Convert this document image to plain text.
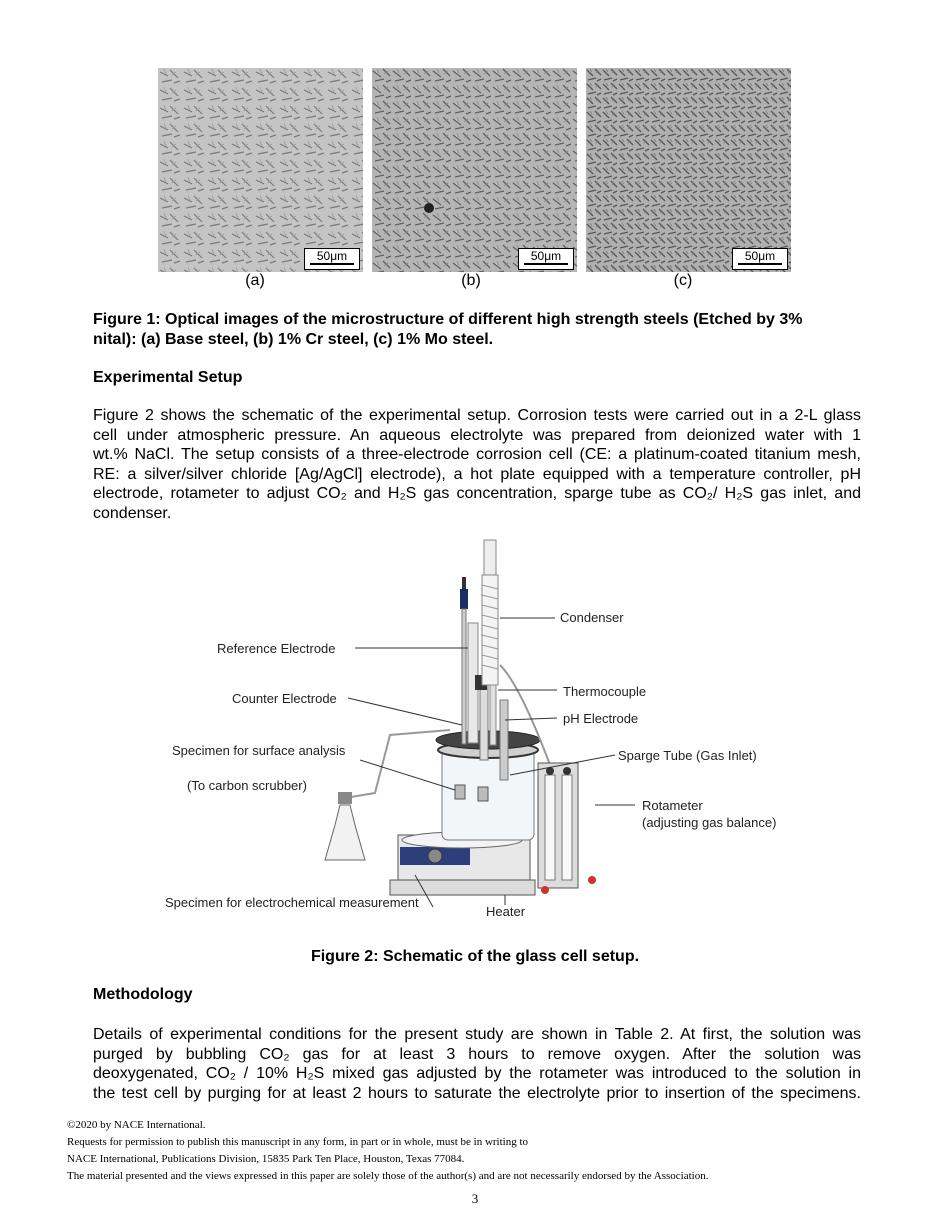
50μm	50μm	50μm
(a)	(b)	(c)
Figure 1: Optical images of the microstructure of different high strength steels (Etched by 3%
nital): (a) Base steel, (b) 1% Cr steel, (c) 1% Mo steel.
Experimental Setup
Figure 2 shows the schematic of the experimental setup. Corrosion tests were carried out in a 2-L glass
cell under atmospheric pressure. An aqueous electrolyte was prepared from deionized water with 1
wt.% NaCl. The setup consists of a three-electrode corrosion cell (CE: a platinum-coated titanium mesh,
RE: a silver/silver chloride [Ag/AgCl] electrode), a hot plate equipped with a temperature controller, pH
electrode, rotameter to adjust CO₂ and H₂S gas concentration, sparge tube as CO₂/ H₂S gas inlet, and
condenser.
Condenser
Reference Electrode
Counter Electrode	Thermocouple
pH Electrode
Specimen for surface analysis	Sparge Tube (Gas Inlet)
(To carbon scrubber)
Rotameter
(adjusting gas balance)
Specimen for electrochemical measurement
Heater
Figure 2: Schematic of the glass cell setup.
Methodology
Details of experimental conditions for the present study are shown in Table 2. At first, the solution was
purged by bubbling CO₂ gas for at least 3 hours to remove oxygen. After the solution was
deoxygenated, CO₂ / 10% H₂S mixed gas adjusted by the rotameter was introduced to the solution in
the test cell by purging for at least 2 hours to saturate the electrolyte prior to insertion of the specimens.
©2020 by NACE International.
Requests for permission to publish this manuscript in any form, in part or in whole, must be in writing to
NACE International, Publications Division, 15835 Park Ten Place, Houston, Texas 77084.
The material presented and the views expressed in this paper are solely those of the author(s) and are not necessarily endorsed by the Association.
3
